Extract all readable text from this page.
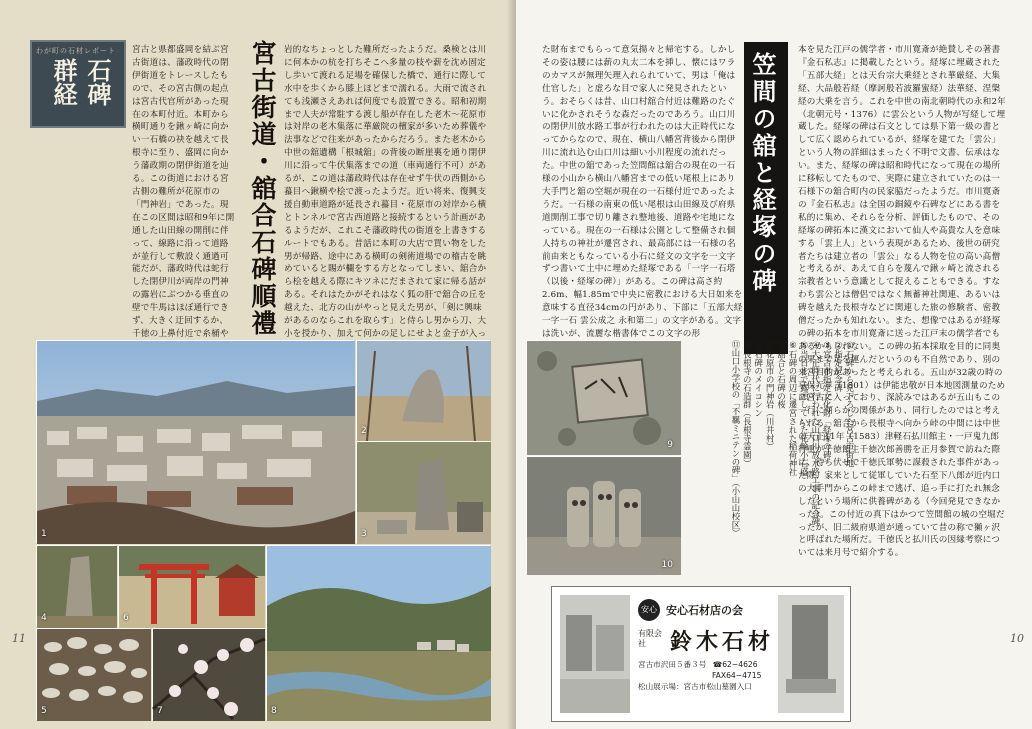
わが町の石材レポート
石碑
群経
宮古と県都盛岡を結ぶ宮古街道は、藩政時代の閉伊街道をトレースしたもので、その宮古側の起点は宮古代官所があった現在の本町付近。本町から横町通りを鍬ヶ崎に向かい一石橋の袂を越えて長根寺に至り、盛岡に向かう藩政期の閉伊街道を辿る。この街道における宮古側の難所が花原市の「門神岩」であった。現在この区間は昭和9年に開通した山田線の開削に伴って、線路に沿って道路が並行して敷設く通過可能だが、藩政時代は蛇行した閉伊川が両岸の門神の露岩にぶつかる垂直の壁で牛馬はほぼ通行できず、大きく迂回するか、千徳の上鼻付近で糸桶や 宮古街道・舘合石碑順禮 岩的なちょっとした難所だったようだ。桑検とは川に何本かの杭を打ちそこへ多量の枝や薪を沈め固定し歩いて渡れる足場を確保した橋で、通行に際して水中を歩くから膝上ほどまで濡れる。大雨で流されても浅瀬さえあれば何度でも設置できる。昭和初期まで人夫が常駐する渡し船が存在した老木～花原市は対岸の老木集落に華厳院の檀家が多いため葬儀や法事などで往来があったからだろう。また老木から中世の舘遺構「根城舘」の背後の断崖裏を通り閉伊川に沿って牛伏集落までの道（車両通行不可）があるが、この道は藩政時代は存在せず牛伏の西側から蟇目へ鍬横や桧で渡ったようだ。近い将来、復興支援自動車道路が延長され蟇目・花原市の対岸から横とトンネルで宮古西道路と接続するという計画があるようだが、これこそ藩政時代の街道を上書きするルートでもある。昔話に本町の大店で買い物をした男が帰路、途中にある横町の剣術道場での稽古を眺めていると賜が欄をする方となってしまい、舘合から桧を越える際にキツネにだまされて家に帰る話がある。それはたかがそれはなく狐の肝で舘合の丘を越えた、北方の山がやっと見えた男が、「剣に興味があるのならこれを取らす」と侍らし男から刀、大小を授かり、加えて何かの足しにせよと金子が入っ
1
2
3
4	6
5	7	8
11
た財布までもらって意気揚々と帰宅する。しかしその姿は腰には薪の丸太二本を挿し、懐にはワラのカマスが無理矢理入れられていて、男は「俺は仕官した」と虚ろな目で家人に発見されたという。おそらくは昔、山口村舘合付近は難路のたぐいに化かされそうな森だったのであろう。山口川の閉伊川放水路工事が行われたのは大正時代になってからなので、現在、横山八幡宮背後から閉伊川に流れ込む山口川は細い小川程度の流れだった。中世の舘であった笠間館は舘合の現在の一石様の小山から横山八幡宮までの低い尾根上にあり大手門と舘の空堀が現在の一石様付近であったようだ。一石様の南東の低い尾根は山田線及び府県道開削工事で切り離され整地後、道路や宅地になっている。現在の一石様は公園として整備され個人持ちの神社が遷宮され、最高部には一石様の名前由来ともなっている小石に経文の文字を一文字ずつ書いて土中に埋めた経塚である「一字一石塔（以後・経塚の碑）」がある。この碑は高さ約2.6m、幅1.85mで中央に密教における大日如来を意味する直径34cmの円があり、下部に「五部大経 一字一石 雲公成之 永和第二」の文字がある。文字は洗いが、流麗な楷書体でこの文字の形
本を見た江戸の儒学者・市川寛斎が絶賛しその著書『金石私志』に掲載したという。経塚に埋蔵された「五部大経」とは天台宗大乗経とされ華厳経、大集経、大品般若経（摩訶般若波羅蜜経）法華経、涅槃経の大乗を言う。これを中世の南北朝時代の永和2年（北朝元号・1376）に雲公という人物が写経して埋蔵した。経塚の碑は石文としては県下第一級の書として広く認められているが、経塚を建てた「雲公」という人物の詳細はまったく不明で文書、伝承はない。また、経塚の碑は昭和時代になって現在の場所に移転してたもので、実際に建立されていたのは一石様下の舘合町内の民家脇だったようだ。市川寛斎の『金石私志』は全国の銅鏡や石碑などにある書を私的に集め、それらを分析、評価したもので、その経塚の碑拓本に漢文において仙人や高貴な人を意味する「雲上人」という表現があるため、後世の研究者たちは建立者の「雲公」なる人物を位の高い高僧と考えるが、あえて自らを蔑んで鍬ヶ崎と流される宗教者という意識として捉えることもできる。すなわち雲公とは僧侶ではなく無蓄神社関連、あるいは碑を越えた長根寺などに関連した旅の修験者、密教僧だったかも知れない。また、想像ではあるが経塚の碑の拓本を市川寛斎に送った江戸末の儒学者でもあるかもしれない。この碑の拓本採取を目的に同奥の果まで足を運んだというのも不自然であり、別の来宮目的があったと考えられる。五山が32歳の時の享保元年（1801）は伊能忠敬が日本地図測量のために宮古に入っており、深読みではあるが五山もこの一行に何らかの関係があり、同行したのではと考えられる。舘合から長根寺へ向かう峠の中間には中世の天正11年（1583）津軽石払川館主・一戸鬼九郎行重が千徳館主千徳次郎善勝を正月参賀で訪ねた際に、待ち伏せで千徳氏軍勢に謀殺された事件があった際、家来として従軍していた石至下八郎が近内口の大手門からこの峠まで逃げ、追っ手に打たれ無念したという場所に供養碑がある（今回発見できなかった）。この付近の真下はかつて笠間館の城の空堀だったが、旧二級府県道が通っていて昔の称で獺ヶ沢と呼ばれた場所だ。千徳氏と払川氏の因縁考察については来月号で紹介する。
笠間の舘と経塚の碑
①石碑から見下ろした宮古市街地
②指定記念碑
③宮古市指定文化財「経塚の碑」
④大正時代に行われた山口川放水路工事の記念碑
⑤当日まで露頭していた花輪小石盛
⑥石碑の周辺に遷宮された稲荷神社
⑦舘合と石碑の桜
⑧花原市の門神岩（川井村）
⑨石碑のメイコシン
⑩長根寺の石造群（長根寺霊園）
⑪山口小学校の「不羈ミニテンの碑」（小山山校区）
9
10
安心 安心石材店の会
有限会社	鈴木石材
宮古市沢田５番３号 ☎62−4626
FAX64−4715
松山展示場：宮古市松山墓園入口
10
